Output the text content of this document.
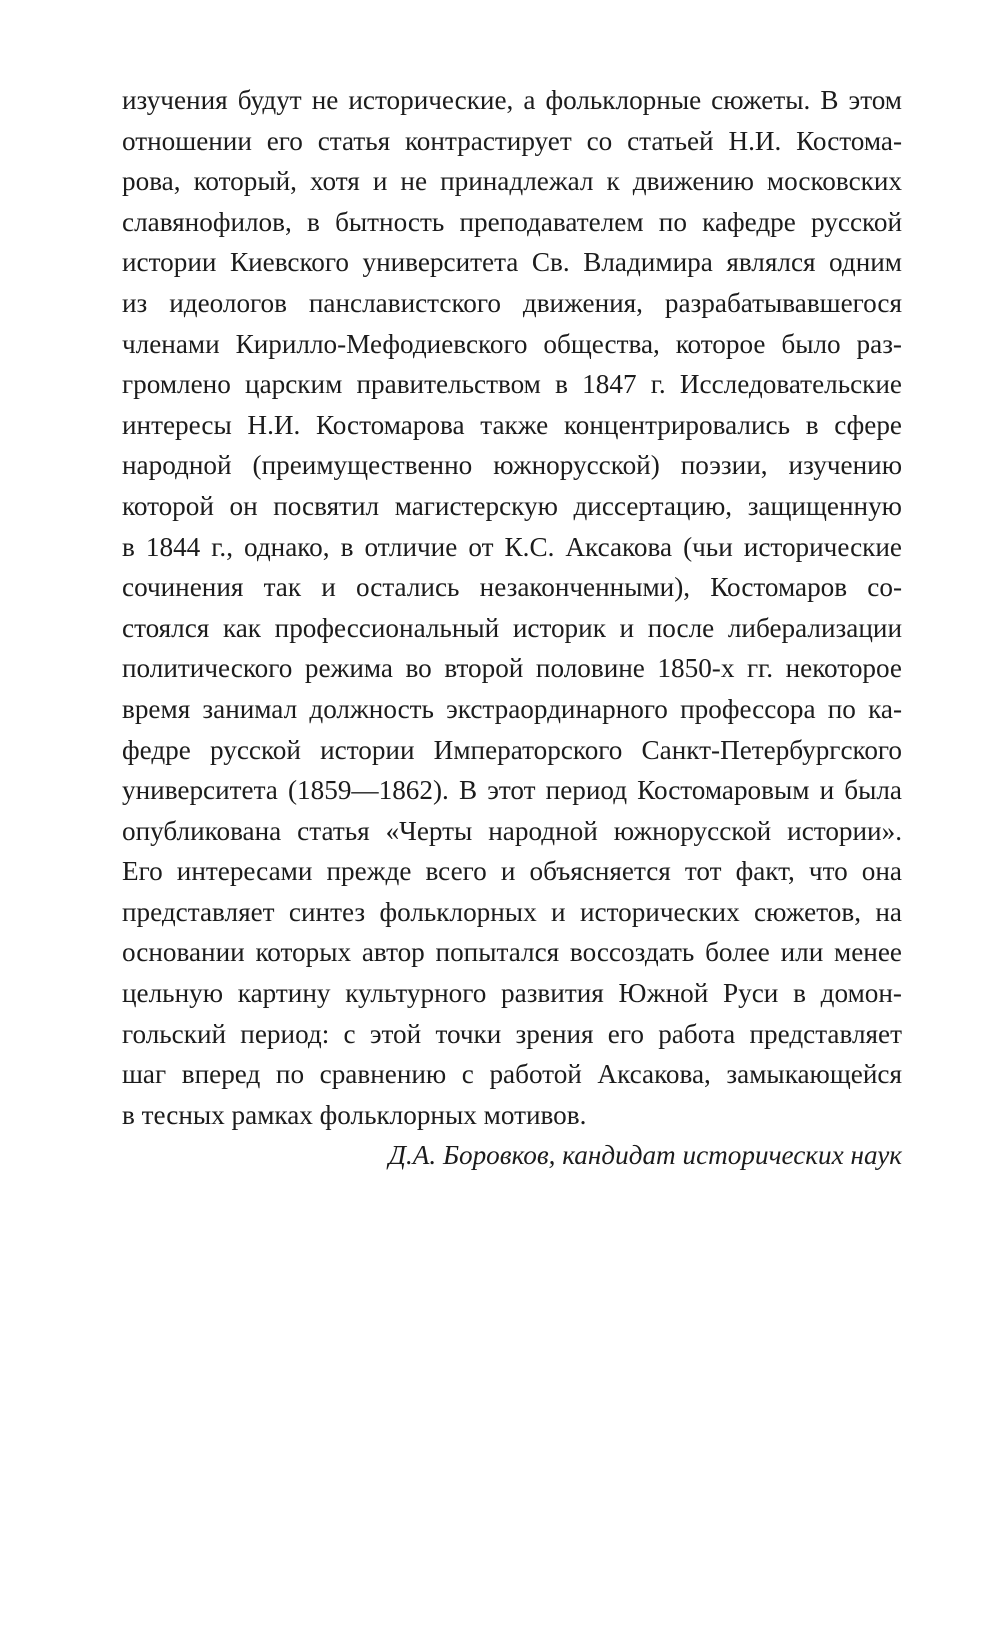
изучения будут не исторические, а фольклорные сюжеты. В этом
отношении его статья контрастирует со статьей Н.И. Костома-
рова, который, хотя и не принадлежал к движению московских
славянофилов, в бытность преподавателем по кафедре русской
истории Киевского университета Св. Владимира являлся одним
из идеологов панславистского движения, разрабатывавшегося
членами Кирилло-Мефодиевского общества, которое было раз-
громлено царским правительством в 1847 г. Исследовательские
интересы Н.И. Костомарова также концентрировались в сфере
народной (преимущественно южнорусской) поэзии, изучению
которой он посвятил магистерскую диссертацию, защищенную
в 1844 г., однако, в отличие от К.С. Аксакова (чьи исторические
сочинения так и остались незаконченными), Костомаров со-
стоялся как профессиональный историк и после либерализации
политического режима во второй половине 1850-х гг. некоторое
время занимал должность экстраординарного профессора по ка-
федре русской истории Императорского Санкт-Петербургского
университета (1859—1862). В этот период Костомаровым и была
опубликована статья «Черты народной южнорусской истории».
Его интересами прежде всего и объясняется тот факт, что она
представляет синтез фольклорных и исторических сюжетов, на
основании которых автор попытался воссоздать более или менее
цельную картину культурного развития Южной Руси в домон-
гольский период: с этой точки зрения его работа представляет
шаг вперед по сравнению с работой Аксакова, замыкающейся
в тесных рамках фольклорных мотивов.
Д.А. Боровков, кандидат исторических наук
